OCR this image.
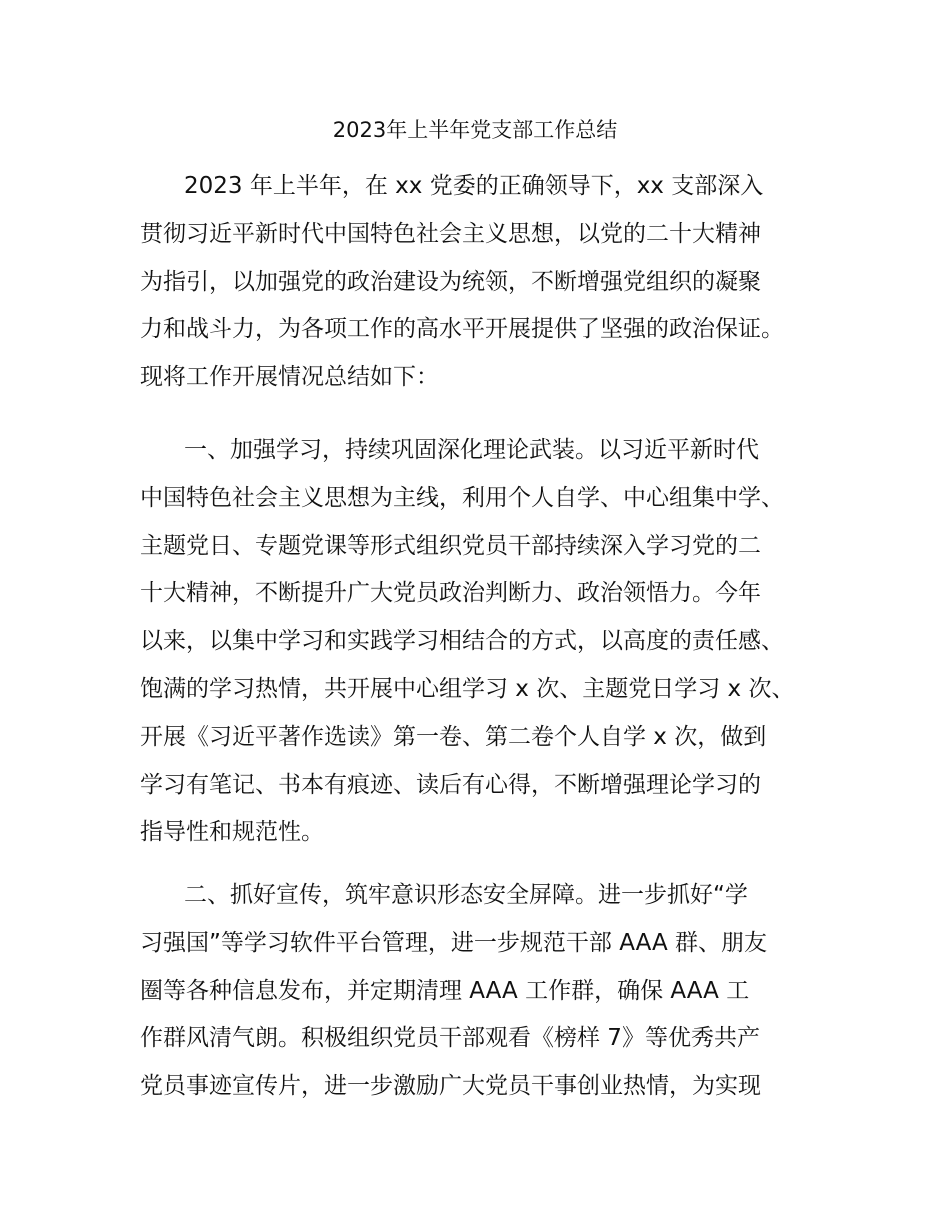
2023年上半年党支部工作总结
2023 年上半年，在 xx 党委的正确领导下，xx 支部深入
贯彻习近平新时代中国特色社会主义思想，以党的二十大精神
为指引，以加强党的政治建设为统领，不断增强党组织的凝聚
力和战斗力，为各项工作的高水平开展提供了坚强的政治保证。
现将工作开展情况总结如下：
一、加强学习，持续巩固深化理论武装。以习近平新时代
中国特色社会主义思想为主线，利用个人自学、中心组集中学、
主题党日、专题党课等形式组织党员干部持续深入学习党的二
十大精神，不断提升广大党员政治判断力、政治领悟力。今年
以来，以集中学习和实践学习相结合的方式，以高度的责任感、
饱满的学习热情，共开展中心组学习 x 次、主题党日学习 x 次、
开展《习近平著作选读》第一卷、第二卷个人自学 x 次，做到
学习有笔记、书本有痕迹、读后有心得，不断增强理论学习的
指导性和规范性。
二、抓好宣传，筑牢意识形态安全屏障。进一步抓好“学
习强国”等学习软件平台管理，进一步规范干部 AAA 群、朋友
圈等各种信息发布，并定期清理 AAA 工作群，确保 AAA 工
作群风清气朗。积极组织党员干部观看《榜样 7》等优秀共产
党员事迹宣传片，进一步激励广大党员干事创业热情，为实现
